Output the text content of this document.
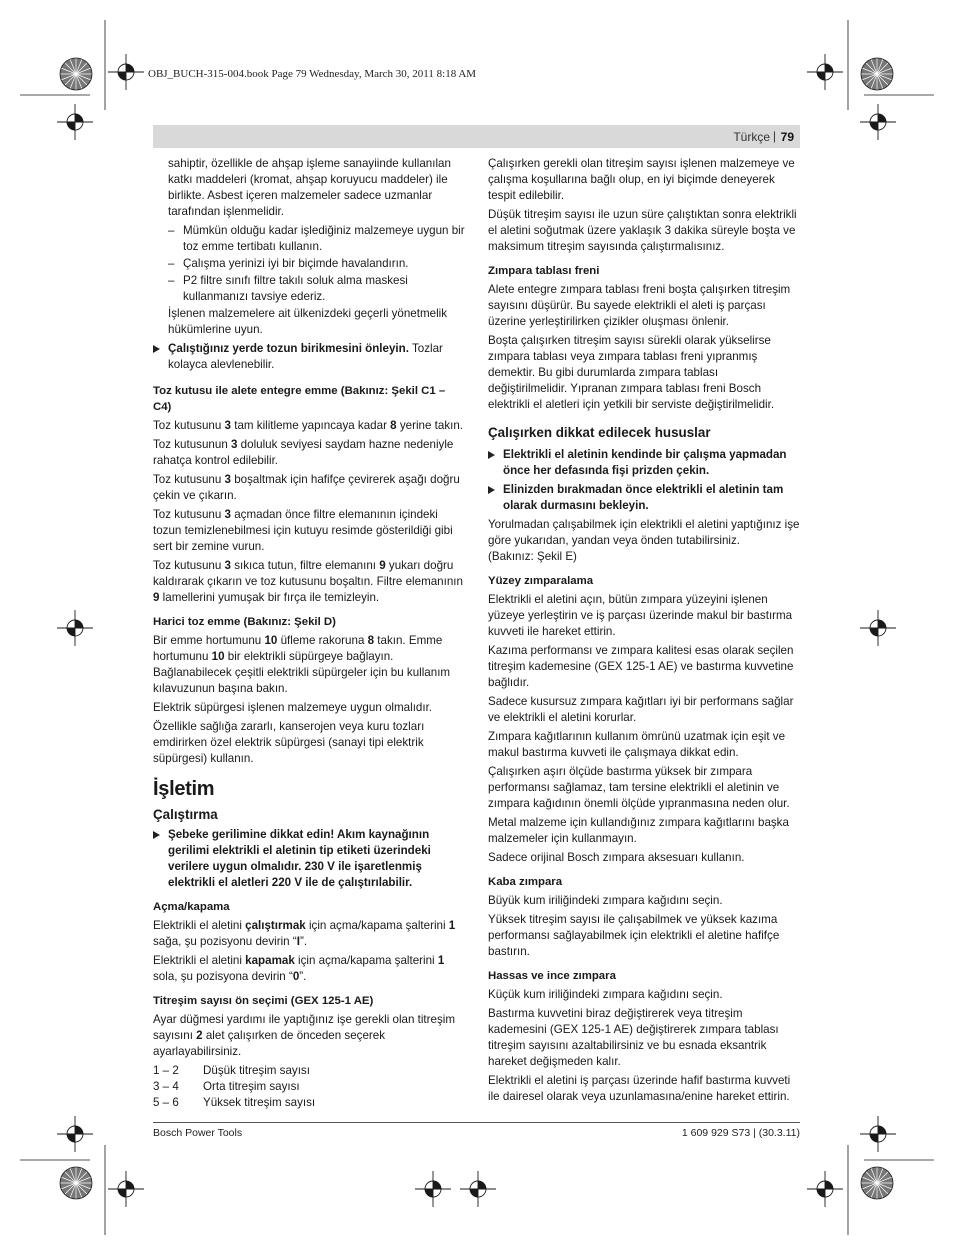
OBJ_BUCH-315-004.book Page 79 Wednesday, March 30, 2011 8:18 AM
Türkçe | 79

sahiptir, özellikle de ahşap işleme sanayiinde kullanılan katkı maddeleri (kromat, ahşap koruyucu maddeler) ile birlikte. Asbest içeren malzemeler sadece uzmanlar tarafından işlenmelidir.

– Mümkün olduğu kadar işlediğiniz malzemeye uygun bir toz emme tertibatı kullanın.
– Çalışma yerinizi iyi bir biçimde havalandırın.
– P2 filtre sınıfı filtre takılı soluk alma maskesi kullanmanızı tavsiye ederiz.

İşlenen malzemelere ait ülkenizdeki geçerli yönetmelik hükümlerine uyun.

Çalıştığınız yerde tozun birikmesini önleyin. Tozlar kolayca alevlenebilir.
Toz kutusu ile alete entegre emme (Bakınız: Şekil C1 – C4)

Toz kutusunu 3 tam kilitleme yapıncaya kadar 8 yerine takın.

Toz kutusunun 3 doluluk seviyesi saydam hazne nedeniyle rahatça kontrol edilebilir.

Toz kutusunu 3 boşaltmak için hafifçe çevirerek aşağı doğru çekin ve çıkarın.

Toz kutusunu 3 açmadan önce filtre elemanının içindeki tozun temizlenebilmesi için kutuyu resimde gösterildiği gibi sert bir zemine vurun.

Toz kutusunu 3 sıkıca tutun, filtre elemanını 9 yukarı doğru kaldırarak çıkarın ve toz kutusunu boşaltın. Filtre elemanının 9 lamellerini yumuşak bir fırça ile temizleyin.

Harici toz emme (Bakınız: Şekil D)

Bir emme hortumunu 10 üfleme rakoruna 8 takın. Emme hortumunu 10 bir elektrikli süpürgeye bağlayın. Bağlanabilecek çeşitli elektrikli süpürgeler için bu kullanım kılavuzunun başına bakın.

Elektrik süpürgesi işlenen malzemeye uygun olmalıdır.

Özellikle sağlığa zararlı, kanserojen veya kuru tozları emdirirken özel elektrik süpürgesi (sanayi tipi elektrik süpürgesi) kullanın.

İşletim
Çalıştırma
Şebeke gerilimine dikkat edin! Akım kaynağının gerilimi elektrikli el aletinin tip etiketi üzerindeki verilere uygun olmalıdır. 230 V ile işaretlenmiş elektrikli el aletleri 220 V ile de çalıştırılabilir.
Açma/kapama

Elektrikli el aletini çalıştırmak için açma/kapama şalterini 1 sağa, şu pozisyonu devirin “I”.

Elektrikli el aletini kapamak için açma/kapama şalterini 1 sola, şu pozisyona devirin “0”.

Titreşim sayısı ön seçimi (GEX 125-1 AE)

Ayar düğmesi yardımı ile yaptığınız işe gerekli olan titreşim sayısını 2 alet çalışırken de önceden seçerek ayarlayabilirsiniz.

1 – 2	Düşük titreşim sayısı
3 – 4	Orta titreşim sayısı
5 – 6	Yüksek titreşim sayısı

Çalışırken gerekli olan titreşim sayısı işlenen malzemeye ve çalışma koşullarına bağlı olup, en iyi biçimde deneyerek tespit edilebilir.

Düşük titreşim sayısı ile uzun süre çalıştıktan sonra elektrikli el aletini soğutmak üzere yaklaşık 3 dakika süreyle boşta ve maksimum titreşim sayısında çalıştırmalısınız.

Zımpara tablası freni

Alete entegre zımpara tablası freni boşta çalışırken titreşim sayısını düşürür. Bu sayede elektrikli el aleti iş parçası üzerine yerleştirilirken çizikler oluşması önlenir.

Boşta çalışırken titreşim sayısı sürekli olarak yükselirse zımpara tablası veya zımpara tablası freni yıpranmış demektir. Bu gibi durumlarda zımpara tablası değiştirilmelidir. Yıpranan zımpara tablası freni Bosch elektrikli el aletleri için yetkili bir serviste değiştirilmelidir.

Çalışırken dikkat edilecek hususlar
Elektrikli el aletinin kendinde bir çalışma yapmadan önce her defasında fişi prizden çekin.
Elinizden bırakmadan önce elektrikli el aletinin tam olarak durmasını bekleyin.

Yorulmadan çalışabilmek için elektrikli el aletini yaptığınız işe göre yukarıdan, yandan veya önden tutabilirsiniz.

(Bakınız: Şekil E)

Yüzey zımparalama

Elektrikli el aletini açın, bütün zımpara yüzeyini işlenen yüzeye yerleştirin ve iş parçası üzerinde makul bir bastırma kuvveti ile hareket ettirin.

Kazıma performansı ve zımpara kalitesi esas olarak seçilen titreşim kademesine (GEX 125-1 AE) ve bastırma kuvvetine bağlıdır.

Sadece kusursuz zımpara kağıtları iyi bir performans sağlar ve elektrikli el aletini korurlar.

Zımpara kağıtlarının kullanım ömrünü uzatmak için eşit ve makul bastırma kuvveti ile çalışmaya dikkat edin.

Çalışırken aşırı ölçüde bastırma yüksek bir zımpara performansı sağlamaz, tam tersine elektrikli el aletinin ve zımpara kağıdının önemli ölçüde yıpranmasına neden olur.

Metal malzeme için kullandığınız zımpara kağıtlarını başka malzemeler için kullanmayın.

Sadece orijinal Bosch zımpara aksesuarı kullanın.

Kaba zımpara

Büyük kum iriliğindeki zımpara kağıdını seçin.

Yüksek titreşim sayısı ile çalışabilmek ve yüksek kazıma performansı sağlayabilmek için elektrikli el aletine hafifçe bastırın.

Hassas ve ince zımpara

Küçük kum iriliğindeki zımpara kağıdını seçin.

Bastırma kuvvetini biraz değiştirerek veya titreşim kademesini (GEX 125-1 AE) değiştirerek zımpara tablası titreşim sayısını azaltabilirsiniz ve bu esnada eksantrik hareket değişmeden kalır.

Elektrikli el aletini iş parçası üzerinde hafif bastırma kuvveti ile dairesel olarak veya uzunlamasına/enine hareket ettirin.

Bosch Power Tools	1 609 929 S73 | (30.3.11)
